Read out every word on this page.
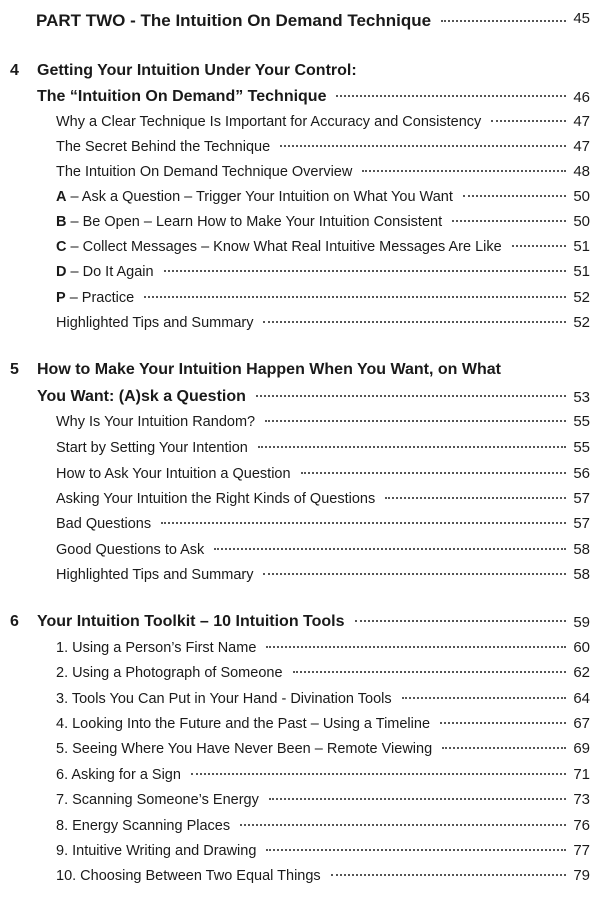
PART TWO - The Intuition On Demand Technique	45
4	Getting Your Intuition Under Your Control:
The “Intuition On Demand” Technique	46
Why a Clear Technique Is Important for Accuracy and Consistency	47
The Secret Behind the Technique	47
The Intuition On Demand Technique Overview	48
A – Ask a Question – Trigger Your Intuition on What You Want	50
B – Be Open – Learn How to Make Your Intuition Consistent	50
C – Collect Messages – Know What Real Intuitive Messages Are Like	51
D – Do It Again	51
P – Practice	52
Highlighted Tips and Summary	52
5	How to Make Your Intuition Happen When You Want, on What
You Want: (A)sk a Question	53
Why Is Your Intuition Random?	55
Start by Setting Your Intention	55
How to Ask Your Intuition a Question	56
Asking Your Intuition the Right Kinds of Questions	57
Bad Questions	57
Good Questions to Ask	58
Highlighted Tips and Summary	58
6	Your Intuition Toolkit – 10 Intuition Tools	59
1. Using a Person’s First Name	60
2. Using a Photograph of Someone	62
3. Tools You Can Put in Your Hand - Divination Tools	64
4. Looking Into the Future and the Past – Using a Timeline	67
5. Seeing Where You Have Never Been – Remote Viewing	69
6. Asking for a Sign	71
7. Scanning Someone’s Energy	73
8. Energy Scanning Places	76
9. Intuitive Writing and Drawing	77
10. Choosing Between Two Equal Things	79
